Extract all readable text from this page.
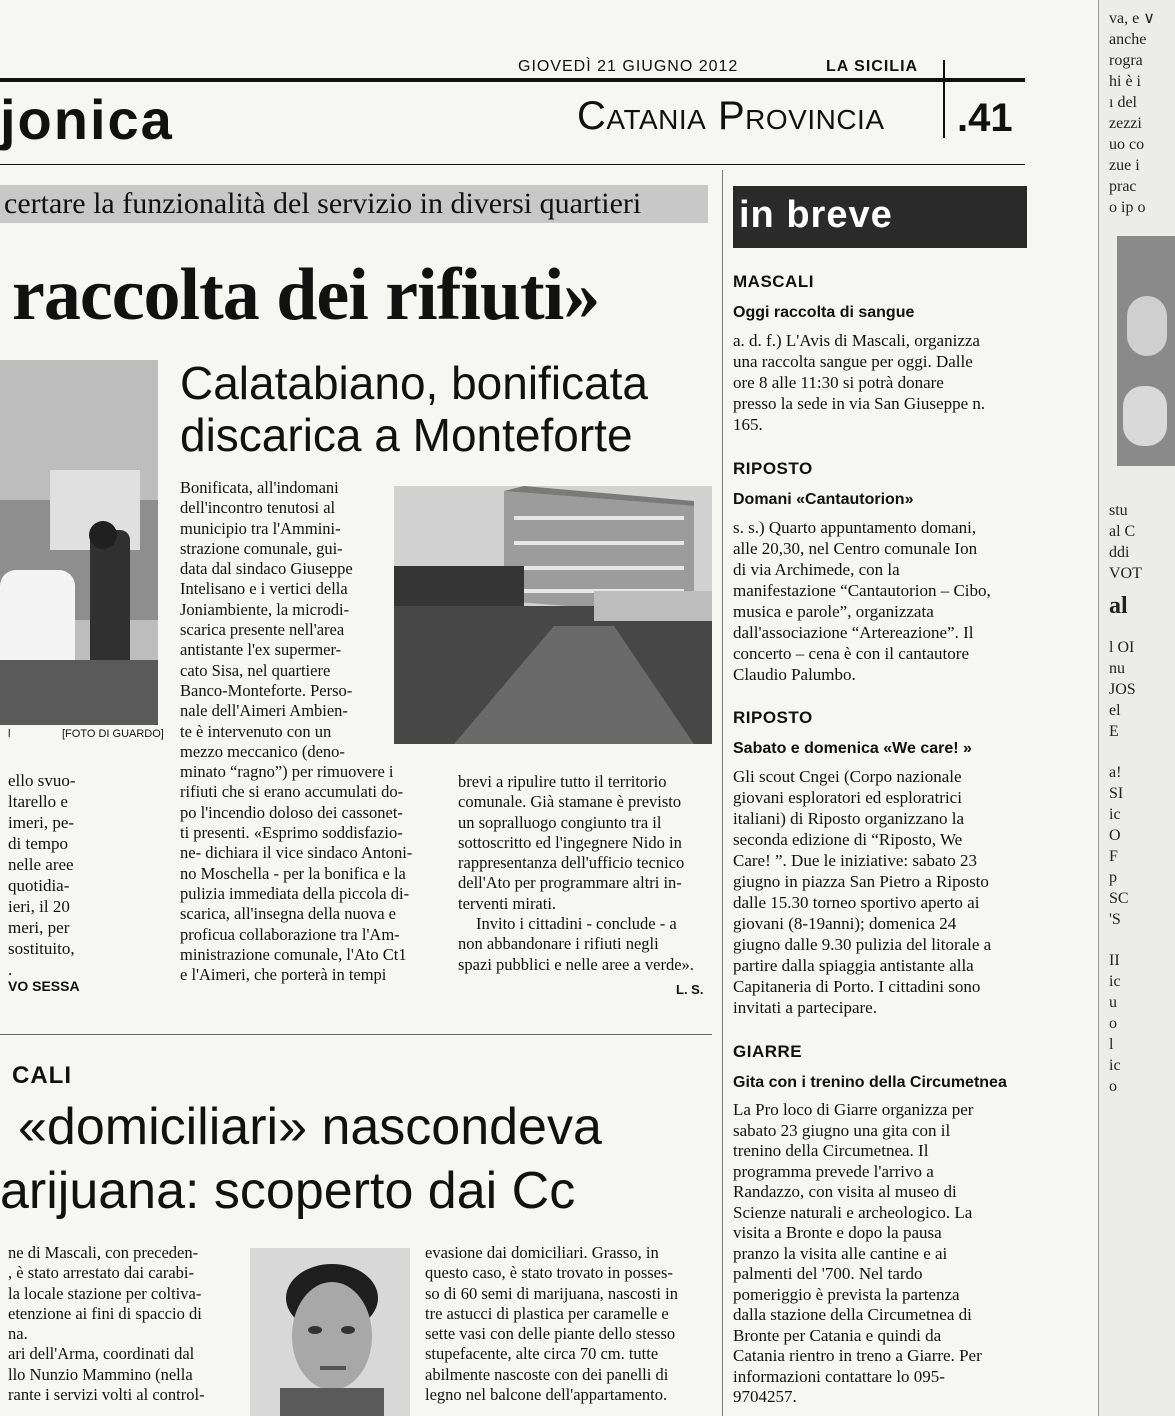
GIOVEDÌ 21 GIUGNO 2012	LA SICILIA
jonica	Catania Provincia .41
certare la funzionalità del servizio in diversi quartieri
raccolta dei rifiuti»
l	[FOTO DI GUARDO]

ello svuo-

ltarello e

imeri, pe-

di tempo

nelle aree

quotidia-

ieri, il 20

meri, per

sostituito,

.

VO SESSA
Calatabiano, bonificata discarica a Monteforte

Bonificata, all'indomani

dell'incontro tenutosi al

municipio tra l'Ammini-

strazione comunale, gui-

data dal sindaco Giuseppe

Intelisano e i vertici della

Joniambiente, la microdi-

scarica presente nell'area

antistante l'ex supermer-

cato Sisa, nel quartiere

Banco-Monteforte. Perso-

nale dell'Aimeri Ambien-

te è intervenuto con un

mezzo meccanico (deno-

minato “ragno”) per rimuovere i

rifiuti che si erano accumulati do-

po l'incendio doloso dei cassonet-

ti presenti. «Esprimo soddisfazio-

ne- dichiara il vice sindaco Antoni-

no Moschella - per la bonifica e la

pulizia immediata della piccola di-

scarica, all'insegna della nuova e

proficua collaborazione tra l'Am-

ministrazione comunale, l'Ato Ct1

e l'Aimeri, che porterà in tempi

brevi a ripulire tutto il territorio

comunale. Già stamane è previsto

un sopralluogo congiunto tra il

sottoscritto ed l'ingegnere Nido in

rappresentanza dell'ufficio tecnico

dell'Ato per programmare altri in-

terventi mirati.

Invito i cittadini - conclude - a

non abbandonare i rifiuti negli

spazi pubblici e nelle aree a verde».

L. S.
CALI
«domiciliari» nascondeva
arijuana: scoperto dai Cc

ne di Mascali, con preceden-

, è stato arrestato dai carabi-

la locale stazione per coltiva-

etenzione ai fini di spaccio di

na.

ari dell'Arma, coordinati dal

llo Nunzio Mammino (nella

rante i servizi volti al control-

evasione dai domiciliari. Grasso, in

questo caso, è stato trovato in posses-

so di 60 semi di marijuana, nascosti in

tre astucci di plastica per caramelle e

sette vasi con delle piante dello stesso

stupefacente, alte circa 70 cm. tutte

abilmente nascoste con dei panelli di

legno nel balcone dell'appartamento.

in breve
MASCALI
Oggi raccolta di sangue

a. d. f.) L'Avis di Mascali, organizza

una raccolta sangue per oggi. Dalle

ore 8 alle 11:30 si potrà donare

presso la sede in via San Giuseppe n.

165.

RIPOSTO
Domani «Cantautorion»

s. s.) Quarto appuntamento domani,

alle 20,30, nel Centro comunale Ion

di via Archimede, con la

manifestazione “Cantautorion – Cibo,

musica e parole”, organizzata

dall'associazione “Artereazione”. Il

concerto – cena è con il cantautore

Claudio Palumbo.

RIPOSTO
Sabato e domenica «We care! »

Gli scout Cngei (Corpo nazionale

giovani esploratori ed esploratrici

italiani) di Riposto organizzano la

seconda edizione di “Riposto, We

Care! ”. Due le iniziative: sabato 23

giugno in piazza San Pietro a Riposto

dalle 15.30 torneo sportivo aperto ai

giovani (8-19anni); domenica 24

giugno dalle 9.30 pulizia del litorale a

partire dalla spiaggia antistante alla

Capitaneria di Porto. I cittadini sono

invitati a partecipare.

GIARRE
Gita con i trenino della Circumetnea

La Pro loco di Giarre organizza per

sabato 23 giugno una gita con il

trenino della Circumetnea. Il

programma prevede l'arrivo a

Randazzo, con visita al museo di

Scienze naturali e archeologico. La

visita a Bronte e dopo la pausa

pranzo la visita alle cantine e ai

palmenti del '700. Nel tardo

pomeriggio è prevista la partenza

dalla stazione della Circumetnea di

Bronte per Catania e quindi da

Catania rientro in treno a Giarre. Per

informazioni contattare lo 095-

9704257.

va, e ∨
anche
rogra
hi è i
ı del
zezzi
uo co
zue i
prac
o ip o
stu
al C
ddi
VOT
al
l OI
nu
JOS
el
E
a!
SI
ic
O
F
p
SC
'S
II
ic
u
o
l
ic
o
